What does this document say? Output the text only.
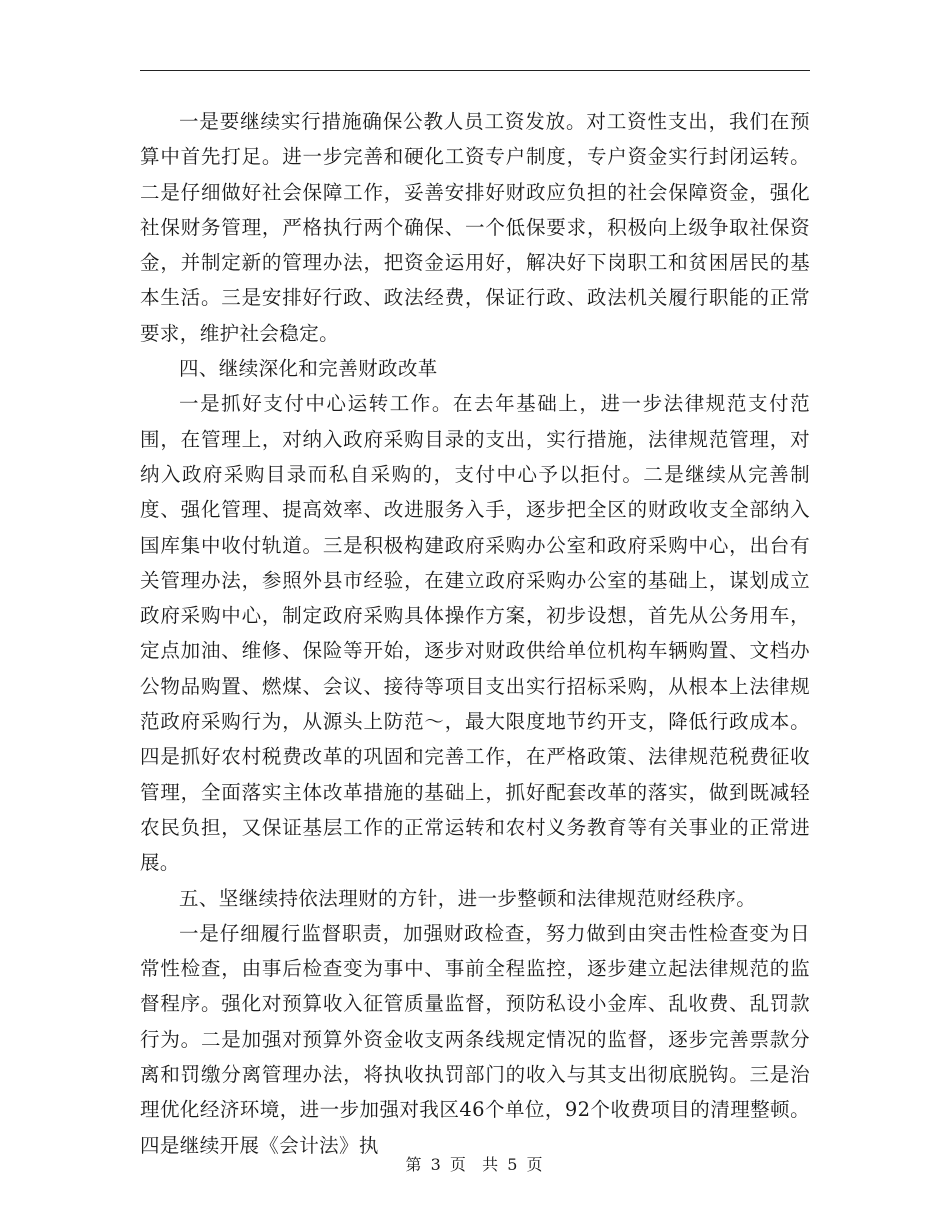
一是要继续实行措施确保公教人员工资发放。对工资性支出，我们在预算中首先打足。进一步完善和硬化工资专户制度，专户资金实行封闭运转。二是仔细做好社会保障工作，妥善安排好财政应负担的社会保障资金，强化社保财务管理，严格执行两个确保、一个低保要求，积极向上级争取社保资金，并制定新的管理办法，把资金运用好，解决好下岗职工和贫困居民的基本生活。三是安排好行政、政法经费，保证行政、政法机关履行职能的正常要求，维护社会稳定。

四、继续深化和完善财政改革

一是抓好支付中心运转工作。在去年基础上，进一步法律规范支付范围，在管理上，对纳入政府采购目录的支出，实行措施，法律规范管理，对纳入政府采购目录而私自采购的，支付中心予以拒付。二是继续从完善制度、强化管理、提高效率、改进服务入手，逐步把全区的财政收支全部纳入国库集中收付轨道。三是积极构建政府采购办公室和政府采购中心，出台有关管理办法，参照外县市经验，在建立政府采购办公室的基础上，谋划成立政府采购中心，制定政府采购具体操作方案，初步设想，首先从公务用车，定点加油、维修、保险等开始，逐步对财政供给单位机构车辆购置、文档办公物品购置、燃煤、会议、接待等项目支出实行招标采购，从根本上法律规范政府采购行为，从源头上防范～，最大限度地节约开支，降低行政成本。四是抓好农村税费改革的巩固和完善工作，在严格政策、法律规范税费征收管理，全面落实主体改革措施的基础上，抓好配套改革的落实，做到既减轻农民负担，又保证基层工作的正常运转和农村义务教育等有关事业的正常进展。

五、坚继续持依法理财的方针，进一步整顿和法律规范财经秩序。

一是仔细履行监督职责，加强财政检查，努力做到由突击性检查变为日常性检查，由事后检查变为事中、事前全程监控，逐步建立起法律规范的监督程序。强化对预算收入征管质量监督，预防私设小金库、乱收费、乱罚款行为。二是加强对预算外资金收支两条线规定情况的监督，逐步完善票款分离和罚缴分离管理办法，将执收执罚部门的收入与其支出彻底脱钩。三是治理优化经济环境，进一步加强对我区46个单位，92个收费项目的清理整顿。四是继续开展《会计法》执

第 3 页  共 5 页
